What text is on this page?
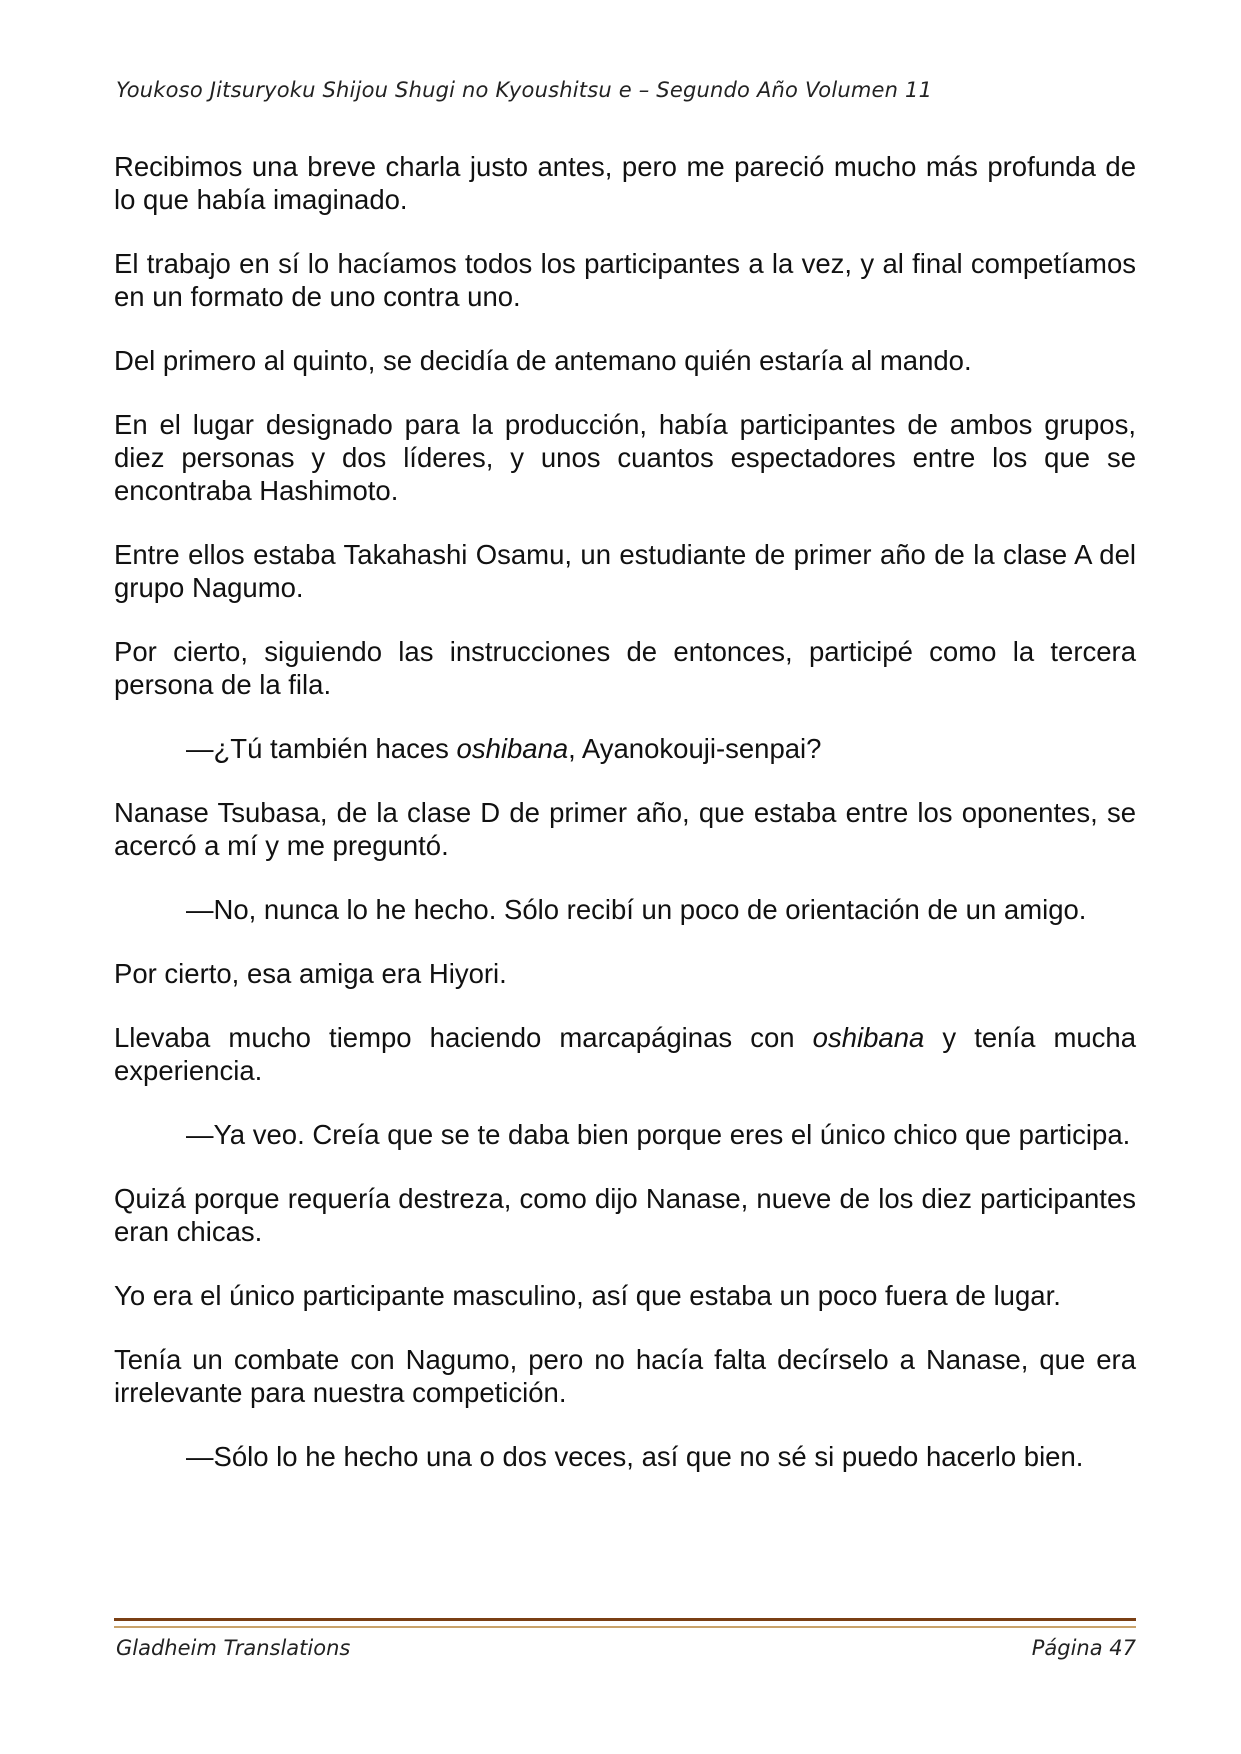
Youkoso Jitsuryoku Shijou Shugi no Kyoushitsu e – Segundo Año Volumen 11

Recibimos una breve charla justo antes, pero me pareció mucho más profunda de lo que había imaginado.

El trabajo en sí lo hacíamos todos los participantes a la vez, y al final competíamos en un formato de uno contra uno.

Del primero al quinto, se decidía de antemano quién estaría al mando.

En el lugar designado para la producción, había participantes de ambos grupos, diez personas y dos líderes, y unos cuantos espectadores entre los que se encontraba Hashimoto.

Entre ellos estaba Takahashi Osamu, un estudiante de primer año de la clase A del grupo Nagumo.

Por cierto, siguiendo las instrucciones de entonces, participé como la tercera persona de la fila.

—¿Tú también haces oshibana, Ayanokouji-senpai?

Nanase Tsubasa, de la clase D de primer año, que estaba entre los oponentes, se acercó a mí y me preguntó.

—No, nunca lo he hecho. Sólo recibí un poco de orientación de un amigo.

Por cierto, esa amiga era Hiyori.

Llevaba mucho tiempo haciendo marcapáginas con oshibana y tenía mucha experiencia.

—Ya veo. Creía que se te daba bien porque eres el único chico que participa.

Quizá porque requería destreza, como dijo Nanase, nueve de los diez participantes eran chicas.

Yo era el único participante masculino, así que estaba un poco fuera de lugar.

Tenía un combate con Nagumo, pero no hacía falta decírselo a Nanase, que era irrelevante para nuestra competición.

—Sólo lo he hecho una o dos veces, así que no sé si puedo hacerlo bien.

Gladheim Translations	Página 47
